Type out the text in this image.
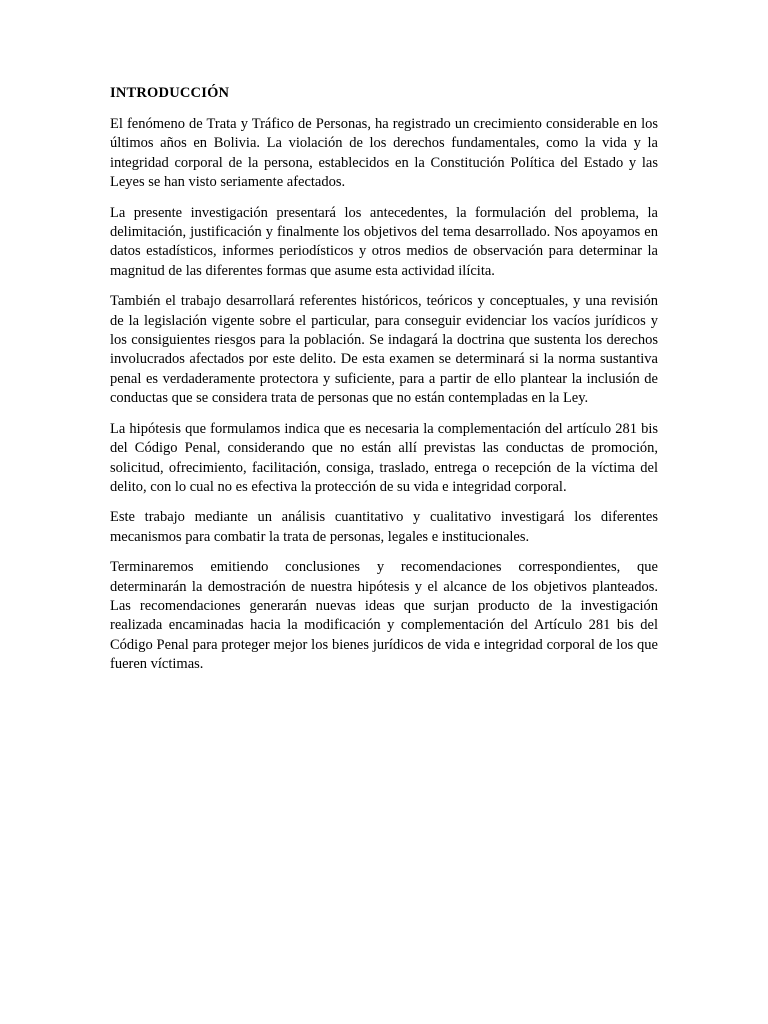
INTRODUCCIÓN

El fenómeno de Trata y Tráfico de Personas, ha registrado un crecimiento considerable en los últimos años en Bolivia. La violación de los derechos fundamentales, como la vida y la integridad corporal de la persona, establecidos en la Constitución Política del Estado y las Leyes se han visto seriamente afectados.

La presente investigación presentará los antecedentes, la formulación del problema, la delimitación, justificación y finalmente los objetivos del tema desarrollado. Nos apoyamos en datos estadísticos, informes periodísticos y otros medios de observación para determinar la magnitud de las diferentes formas que asume esta actividad ilícita.

También el trabajo desarrollará referentes históricos, teóricos y conceptuales, y una revisión de la legislación vigente sobre el particular, para conseguir evidenciar los vacíos jurídicos y los consiguientes riesgos para la población. Se indagará la doctrina que sustenta los derechos involucrados afectados por este delito. De esta examen se determinará si la norma sustantiva penal es verdaderamente protectora y suficiente, para a partir de ello plantear la inclusión de conductas que se considera trata de personas que no están contempladas en la Ley.

La hipótesis que formulamos indica que es necesaria la complementación del artículo 281 bis del Código Penal, considerando que no están allí previstas las conductas de promoción, solicitud, ofrecimiento, facilitación, consiga, traslado, entrega o recepción de la víctima del delito, con lo cual no es efectiva la protección de su vida e integridad corporal.

Este trabajo mediante un análisis cuantitativo y cualitativo investigará los diferentes mecanismos para combatir la trata de personas, legales e institucionales.

Terminaremos emitiendo conclusiones y recomendaciones correspondientes, que determinarán la demostración de nuestra hipótesis y el alcance de los objetivos planteados. Las recomendaciones generarán nuevas ideas que surjan producto de la investigación realizada encaminadas hacia la modificación y complementación del Artículo 281 bis del Código Penal para proteger mejor los bienes jurídicos de vida e integridad corporal de los que fueren víctimas.
